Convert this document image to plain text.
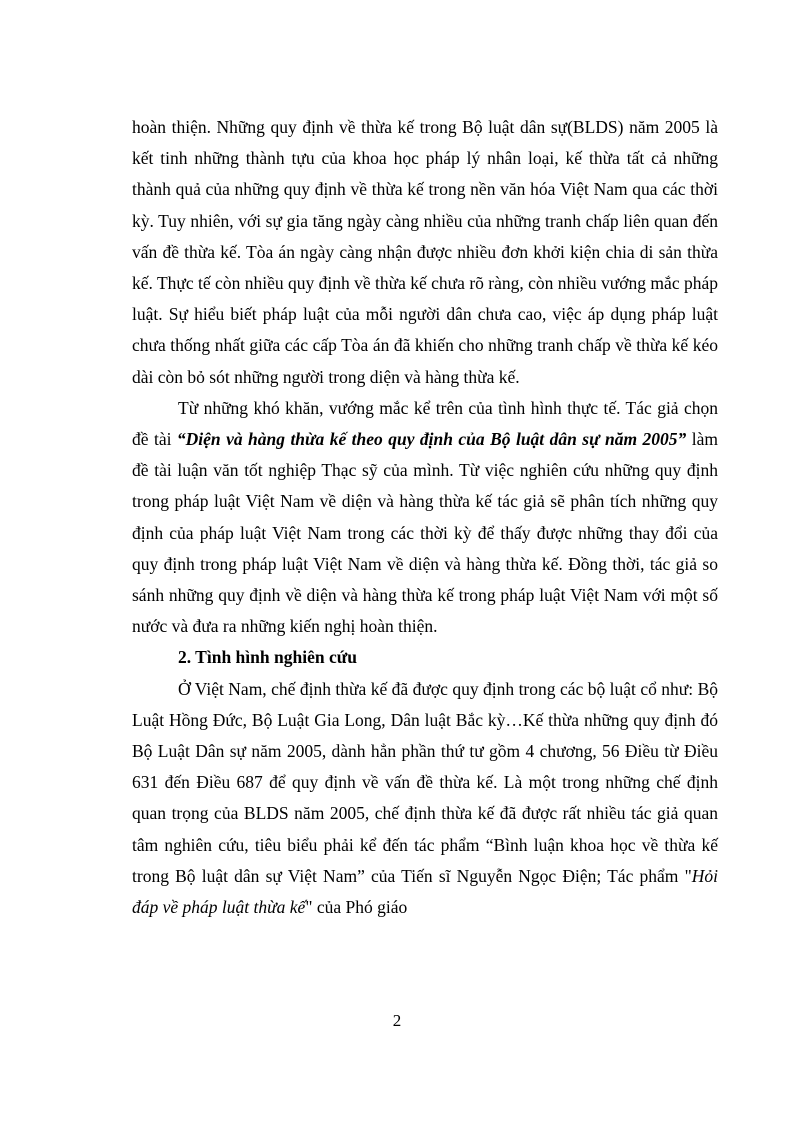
hoàn thiện. Những quy định về thừa kế trong Bộ luật dân sự(BLDS) năm 2005 là kết tinh những thành tựu của khoa học pháp lý nhân loại, kế thừa tất cả những thành quả của những quy định về thừa kế trong nền văn hóa Việt Nam qua các thời kỳ. Tuy nhiên, với sự gia tăng ngày càng nhiều của những tranh chấp liên quan đến vấn đề thừa kế. Tòa án ngày càng nhận được nhiều đơn khởi kiện chia di sản thừa kế. Thực tế còn nhiều quy định về thừa kế chưa rõ ràng, còn nhiều vướng mắc pháp luật. Sự hiểu biết pháp luật của mỗi người dân chưa cao, việc áp dụng pháp luật chưa thống nhất giữa các cấp Tòa án đã khiến cho những tranh chấp về thừa kế kéo dài còn bỏ sót những người trong diện và hàng thừa kế.

Từ những khó khăn, vướng mắc kể trên của tình hình thực tế. Tác giả chọn đề tài “Diện và hàng thừa kế theo quy định của Bộ luật dân sự năm 2005” làm đề tài luận văn tốt nghiệp Thạc sỹ của mình. Từ việc nghiên cứu những quy định trong pháp luật Việt Nam về diện và hàng thừa kế tác giả sẽ phân tích những quy định của pháp luật Việt Nam trong các thời kỳ để thấy được những thay đổi của quy định trong pháp luật Việt Nam về diện và hàng thừa kế. Đồng thời, tác giả so sánh những quy định về diện và hàng thừa kế trong pháp luật Việt Nam với một số nước và đưa ra những kiến nghị hoàn thiện.

2. Tình hình nghiên cứu

Ở Việt Nam, chế định thừa kế đã được quy định trong các bộ luật cổ như: Bộ Luật Hồng Đức, Bộ Luật Gia Long, Dân luật Bắc kỳ…Kế thừa những quy định đó Bộ Luật Dân sự năm 2005, dành hẳn phần thứ tư gồm 4 chương, 56 Điều từ Điều 631 đến Điều 687 để quy định về vấn đề thừa kế. Là một trong những chế định quan trọng của BLDS năm 2005, chế định thừa kế đã được rất nhiều tác giả quan tâm nghiên cứu, tiêu biểu phải kể đến tác phẩm “Bình luận khoa học về thừa kế trong Bộ luật dân sự Việt Nam” của Tiến sĩ Nguyễn Ngọc Điện; Tác phẩm "Hỏi đáp về pháp luật thừa kế" của Phó giáo

2
